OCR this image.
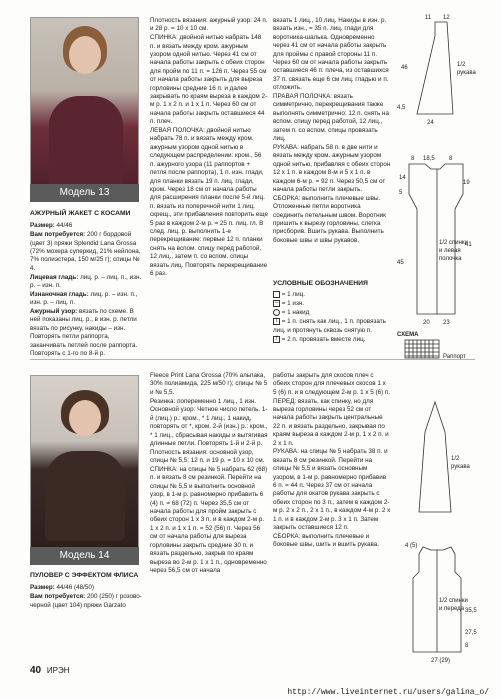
Модель 13

АЖУРНЫЙ ЖАКЕТ С КОСАМИ

Размер: 44/46

Вам потребуется: 200 г бордовой (цвет 3) пряжи Splendid Lana Grossa (72% мохера суперкид, 21% нейлона, 7% полиэстера, 150 м/25 г); спицы № 4.

Лицевая гладь: лиц. р. – лиц. п., изн. р. – изн. п.

Изнаночная гладь: лиц. р. – изн. п., изн. р. – лиц. п.

Ажурный узор: вязать по схеме. В ней показаны лиц. р., в изн. р. петли вязать по рисунку, накиды – изн. Повторять петли раппорта, заканчивать петлей после раппорта. Повторять с 1-го по 8-й р.

Плотность вязания: ажурный узор: 24 п. и 28 р. = 10 х 10 см.

СПИНКА: двойной нитью набрать 148 п. и вязать между кром. ажурным узором одной нитью. Через 41 см от начала работы закрыть с обеих сторон для пройм по 11 п. = 126 п. Через 55 см от начала работы закрыть для выреза горловины средние 16 п. и далее закрывать по краям выреза в каждом 2-м р. 1 х 2 п. и 1 х 1 п. Через 60 см от начала работы закрыть оставшиеся 44 п. плеч.

ЛЕВАЯ ПОЛОЧКА: двойной нитью набрать 78 п. и вязать между кром. ажурным узором одной нитью в следующем распределении: кром., 56 п. ажурного узора (11 раппортов + петля после раппорта), 1 п. изн. глади, для планки вязать 19 п. лиц. глади, кром. Через 18 см от начала работы для расширения планки после 5-й лиц. п. вязать из поперечной нити 1 лиц. скрещ., эти прибавления повторить еще 5 раз в каждом 2-м р. = 25 п. лиц. гл. В след. лиц. р. выполнить 1-е перекрещивание: первые 12 п. планки снять на вспом. спицу перед работой, 12 лиц., затем п. со вспом. спицы вязать лиц. Повторять перекрещивание 6 раз.

вязать 1 лиц., 10 лиц. Накиды в изн. р. вязать изн., = 35 п. лиц. глади для воротника-шалька. Одновременно через 41 см от начала работы закрыть для проймы с правой стороны 11 п. Через 60 см от начала работы закрыть оставшиеся 46 п. плеча, из оставшихся 37 п. связать еще 6 см лиц. гладью и п. отложить.

ПРАВАЯ ПОЛОЧКА: вязать симметрично, перекрещивания также выполнять симметрично: 12 п. снять на вспом. спицу перед работой, 12 лиц., затем п. со вспом. спицы провязать лиц.

РУКАВА: набрать 58 п. в две нити и вязать между кром. ажурным узором одной нитью, прибавляя с обеих сторон 12 х 1 п. в каждом 8-м и 5 х 1 п. в каждом 6-м р. = 92 п. Через 50,5 см от начала работы петли закрыть.

СБОРКА: выполнить плечевые швы. Отложенные петли воротника соединить петельным швом. Воротник пришить к вырезу горловины, слегка присборив. Вшить рукава. Выполнить боковые швы и швы рукавов.

УСЛОВНЫЕ ОБОЗНАЧЕНИЯ

= 1 лиц.

– = 1 изн.

= 1 накид

\ = 1 п. снять как лиц., 1 п. провязать лиц. и протянуть сквозь снятую п.

/ = 2 п. провязать вместе лиц.

11 12
1/2
рукава
46
4,5
24
8 18,5 8
14
19
5
1/2 спинки
и левая
полочка
41
45
20 23
СХЕМА
Раппорт
Модель 14

ПУЛОВЕР С ЭФФЕКТОМ ФЛИСА

Размер: 44/46 (48/50)

Вам потребуется: 200 (250) г розово-черной (цвет 104) пряжи Garzato

Fleece Print Lana Grossa (70% альпака, 30% полиамида, 225 м/50 г); спицы № 5 и № 5,5.

Резинка: попеременно 1 лиц., 1 изн.

Основной узор: Четное число петель. 1-й (лиц.) р.: кром., * 1 лиц., 1 накид, повторять от *, кром. 2-й (изн.) р.: кром., * 1 лиц., сбрасывая накиды и вытягивая длинные петли. Повторять 1-й и 2-й р.

Плотность вязания: основной узор, спицы № 5,5: 12 п. и 19 р. = 10 х 10 см.

СПИНКА: на спицы № 5 набрать 62 (68) п. и вязать 8 см резинкой. Перейти на спицы № 5,5 и выполнить основной узор, в 1-м р. равномерно прибавить 6 (4) п. = 68 (72) п. Через 35,5 см от начала работы для пройм закрыть с обеих сторон 1 х 3 п. и в каждом 2-м р. 1 х 2 п. и 1 х 1 п. = 52 (56) п. Через 56 см от начала работы для выреза горловины закрыть средние 30 п. и вязать раздельно, закрыв по краям выреза во 2-м р. 1 х 1 п., одновременно через 56,5 см от начала

работы закрыть для скосов плеч с обеих сторон для плечевых скосов 1 х 5 (6) п. и в следующем 2-м р. 1 х 5 (6) п.

ПЕРЕД: вязать, как спинку, но для выреза горловины через 52 см от начала работы закрыть центральные 22 п. и вязать раздельно, закрывая по краям выреза в каждом 2-м р. 1 х 2 п. и 2 х 1 п.

РУКАВА: на спицы № 5 набрать 38 п. и вязать 8 см резинкой. Перейти на спицы № 5,5 и вязать основным узором, в 1-м р. равномерно прибавив 6 п. = 44 п. Через 37 см от начала работы для окатов рукава закрыть с обеих сторон по 3 п., затем в каждом 2-м р. 2 х 2 п., 2 х 1 п., в каждом 4-м р. 2 х 1 п. и в каждом 2-м р. 3 х 1 п. Затем закрыть оставшиеся 12 п.

СБОРКА: выполнить плечевые и боковые швы, шить и вшить рукава.

1/2
рукава
4 (5)
1/2 спинки
и переда 35,5
27,5
8
27 (29)
40 ИРЭН
http://www.liveinternet.ru/users/galina_o/
